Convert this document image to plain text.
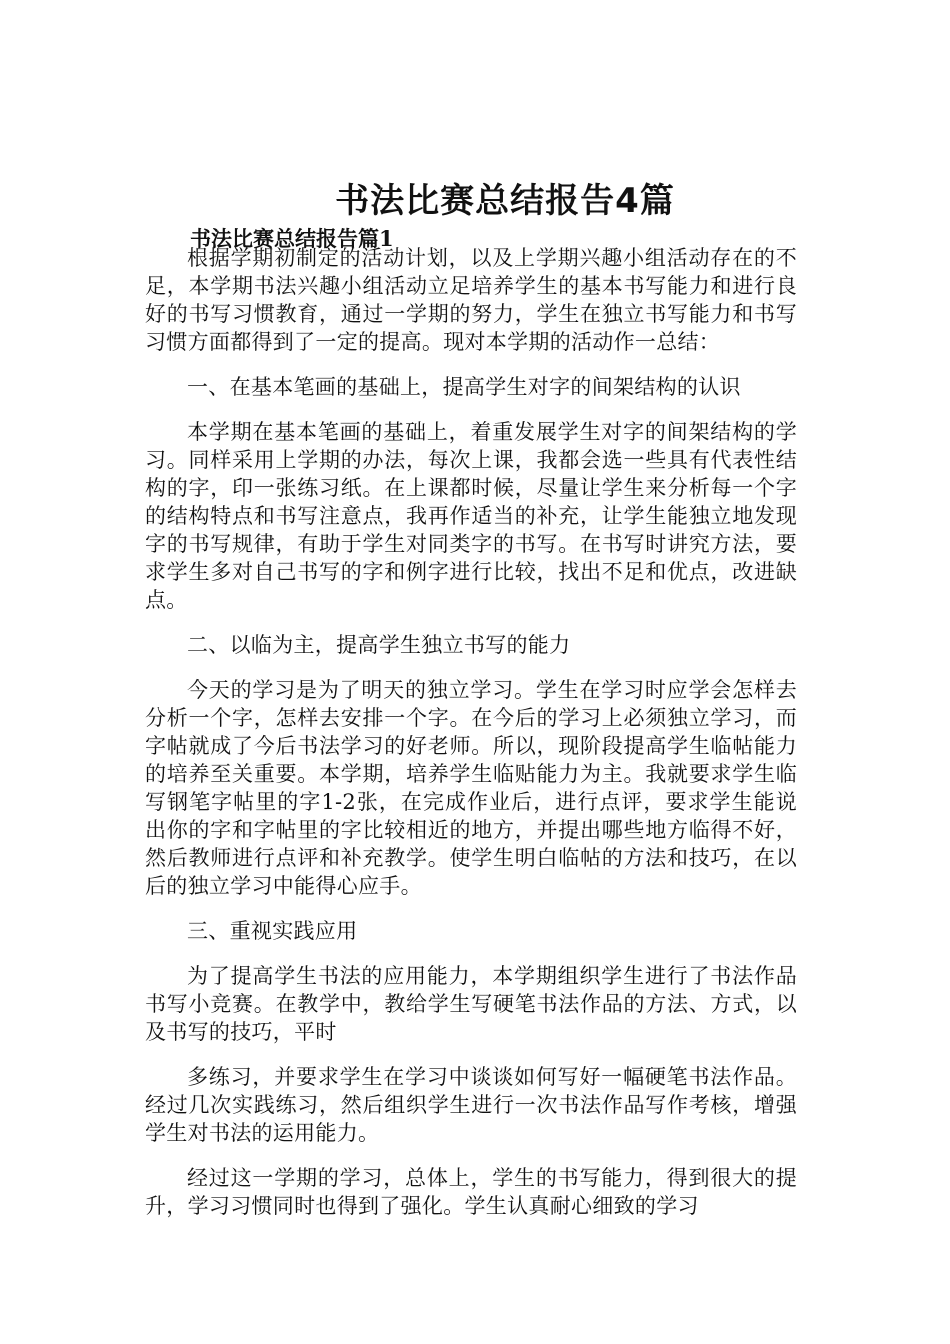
书法比赛总结报告4篇
书法比赛总结报告篇1

根据学期初制定的活动计划，以及上学期兴趣小组活动存在的不足，本学期书法兴趣小组活动立足培养学生的基本书写能力和进行良好的书写习惯教育，通过一学期的努力，学生在独立书写能力和书写习惯方面都得到了一定的提高。现对本学期的活动作一总结：

一、在基本笔画的基础上，提高学生对字的间架结构的认识

本学期在基本笔画的基础上，着重发展学生对字的间架结构的学习。同样采用上学期的办法，每次上课，我都会选一些具有代表性结构的字，印一张练习纸。在上课都时候，尽量让学生来分析每一个字的结构特点和书写注意点，我再作适当的补充，让学生能独立地发现字的书写规律，有助于学生对同类字的书写。在书写时讲究方法，要求学生多对自己书写的字和例字进行比较，找出不足和优点，改进缺点。

二、以临为主，提高学生独立书写的能力

今天的学习是为了明天的独立学习。学生在学习时应学会怎样去分析一个字，怎样去安排一个字。在今后的学习上必须独立学习，而字帖就成了今后书法学习的好老师。所以，现阶段提高学生临帖能力的培养至关重要。本学期，培养学生临贴能力为主。我就要求学生临写钢笔字帖里的字1-2张，在完成作业后，进行点评，要求学生能说出你的字和字帖里的字比较相近的地方，并提出哪些地方临得不好，然后教师进行点评和补充教学。使学生明白临帖的方法和技巧，在以后的独立学习中能得心应手。

三、重视实践应用

为了提高学生书法的应用能力，本学期组织学生进行了书法作品书写小竞赛。在教学中，教给学生写硬笔书法作品的方法、方式，以及书写的技巧，平时

多练习，并要求学生在学习中谈谈如何写好一幅硬笔书法作品。经过几次实践练习，然后组织学生进行一次书法作品写作考核，增强学生对书法的运用能力。

经过这一学期的学习，总体上，学生的书写能力，得到很大的提升，学习习惯同时也得到了强化。学生认真耐心细致的学习
